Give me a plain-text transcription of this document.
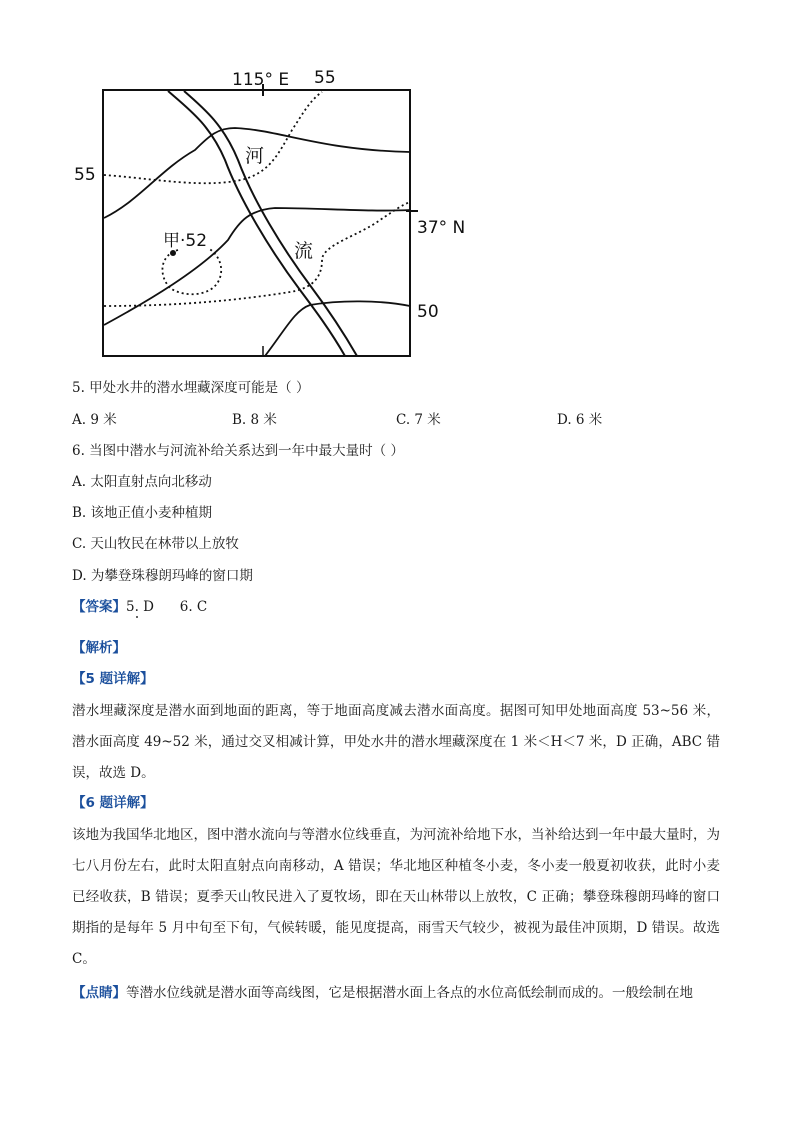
115° E 55
55
37° N
50
甲·52
河
流
5. 甲处水井的潜水埋藏深度可能是（ ）
A. 9 米	B. 8 米	C. 7 米	D. 6 米
6. 当图中潜水与河流补给关系达到一年中最大量时（ ）
A. 太阳直射点向北移动
B. 该地正值小麦种植期
C. 天山牧民在林带以上放牧
D. 为攀登珠穆朗玛峰的窗口期
【答案】5. D      6. C
【解析】
【5 题详解】
潜水埋藏深度是潜水面到地面的距离，等于地面高度减去潜水面高度。据图可知甲处地面高度 53~56 米，潜水面高度 49~52 米，通过交叉相减计算，甲处水井的潜水埋藏深度在 1 米＜H＜7 米，D 正确，ABC 错误，故选 D。
【6 题详解】
该地为我国华北地区，图中潜水流向与等潜水位线垂直，为河流补给地下水，当补给达到一年中最大量时，为七八月份左右，此时太阳直射点向南移动，A 错误；华北地区种植冬小麦，冬小麦一般夏初收获，此时小麦已经收获，B 错误；夏季天山牧民进入了夏牧场，即在天山林带以上放牧，C 正确；攀登珠穆朗玛峰的窗口期指的是每年 5 月中旬至下旬，气候转暖，能见度提高，雨雪天气较少，被视为最佳冲顶期，D 错误。故选 C。
【点睛】等潜水位线就是潜水面等高线图，它是根据潜水面上各点的水位高低绘制而成的。一般绘制在地
